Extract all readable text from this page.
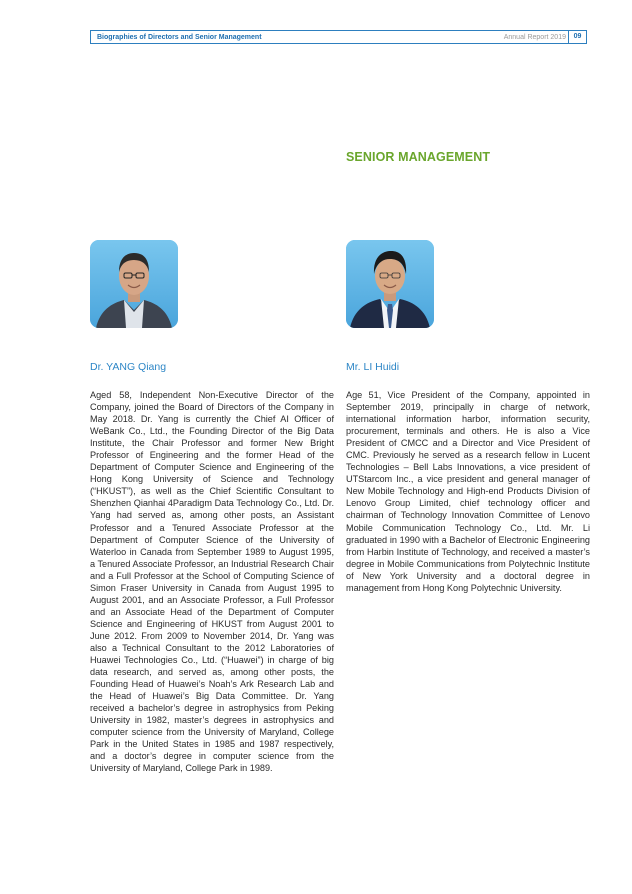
Biographies of Directors and Senior Management	Annual Report 2019	09
SENIOR MANAGEMENT
Dr. YANG Qiang

Aged 58, Independent Non-Executive Director of the Company, joined the Board of Directors of the Company in May 2018. Dr. Yang is currently the Chief AI Officer of WeBank Co., Ltd., the Founding Director of the Big Data Institute, the Chair Professor and former New Bright Professor of Engineering and the former Head of the Department of Computer Science and Engineering of the Hong Kong University of Science and Technology (“HKUST”), as well as the Chief Scientific Consultant to Shenzhen Qianhai 4Paradigm Data Technology Co., Ltd. Dr. Yang had served as, among other posts, an Assistant Professor and a Tenured Associate Professor at the Department of Computer Science of the University of Waterloo in Canada from September 1989 to August 1995, a Tenured Associate Professor, an Industrial Research Chair and a Full Professor at the School of Computing Science of Simon Fraser University in Canada from August 1995 to August 2001, and an Associate Professor, a Full Professor and an Associate Head of the Department of Computer Science and Engineering of HKUST from August 2001 to June 2012. From 2009 to November 2014, Dr. Yang was also a Technical Consultant to the 2012 Laboratories of Huawei Technologies Co., Ltd. (“Huawei”) in charge of big data research, and served as, among other posts, the Founding Head of Huawei’s Noah’s Ark Research Lab and the Head of Huawei’s Big Data Committee. Dr. Yang received a bachelor’s degree in astrophysics from Peking University in 1982, master’s degrees in astrophysics and computer science from the University of Maryland, College Park in the United States in 1985 and 1987 respectively, and a doctor’s degree in computer science from the University of Maryland, College Park in 1989.

Mr. LI Huidi

Age 51, Vice President of the Company, appointed in September 2019, principally in charge of network, international information harbor, information security, procurement, terminals and others. He is also a Vice President of CMCC and a Director and Vice President of CMC. Previously he served as a research fellow in Lucent Technologies – Bell Labs Innovations, a vice president of UTStarcom Inc., a vice president and general manager of New Mobile Technology and High-end Products Division of Lenovo Group Limited, chief technology officer and chairman of Technology Innovation Committee of Lenovo Mobile Communication Technology Co., Ltd. Mr. Li graduated in 1990 with a Bachelor of Electronic Engineering from Harbin Institute of Technology, and received a master’s degree in Mobile Communications from Polytechnic Institute of New York University and a doctoral degree in management from Hong Kong Polytechnic University.
